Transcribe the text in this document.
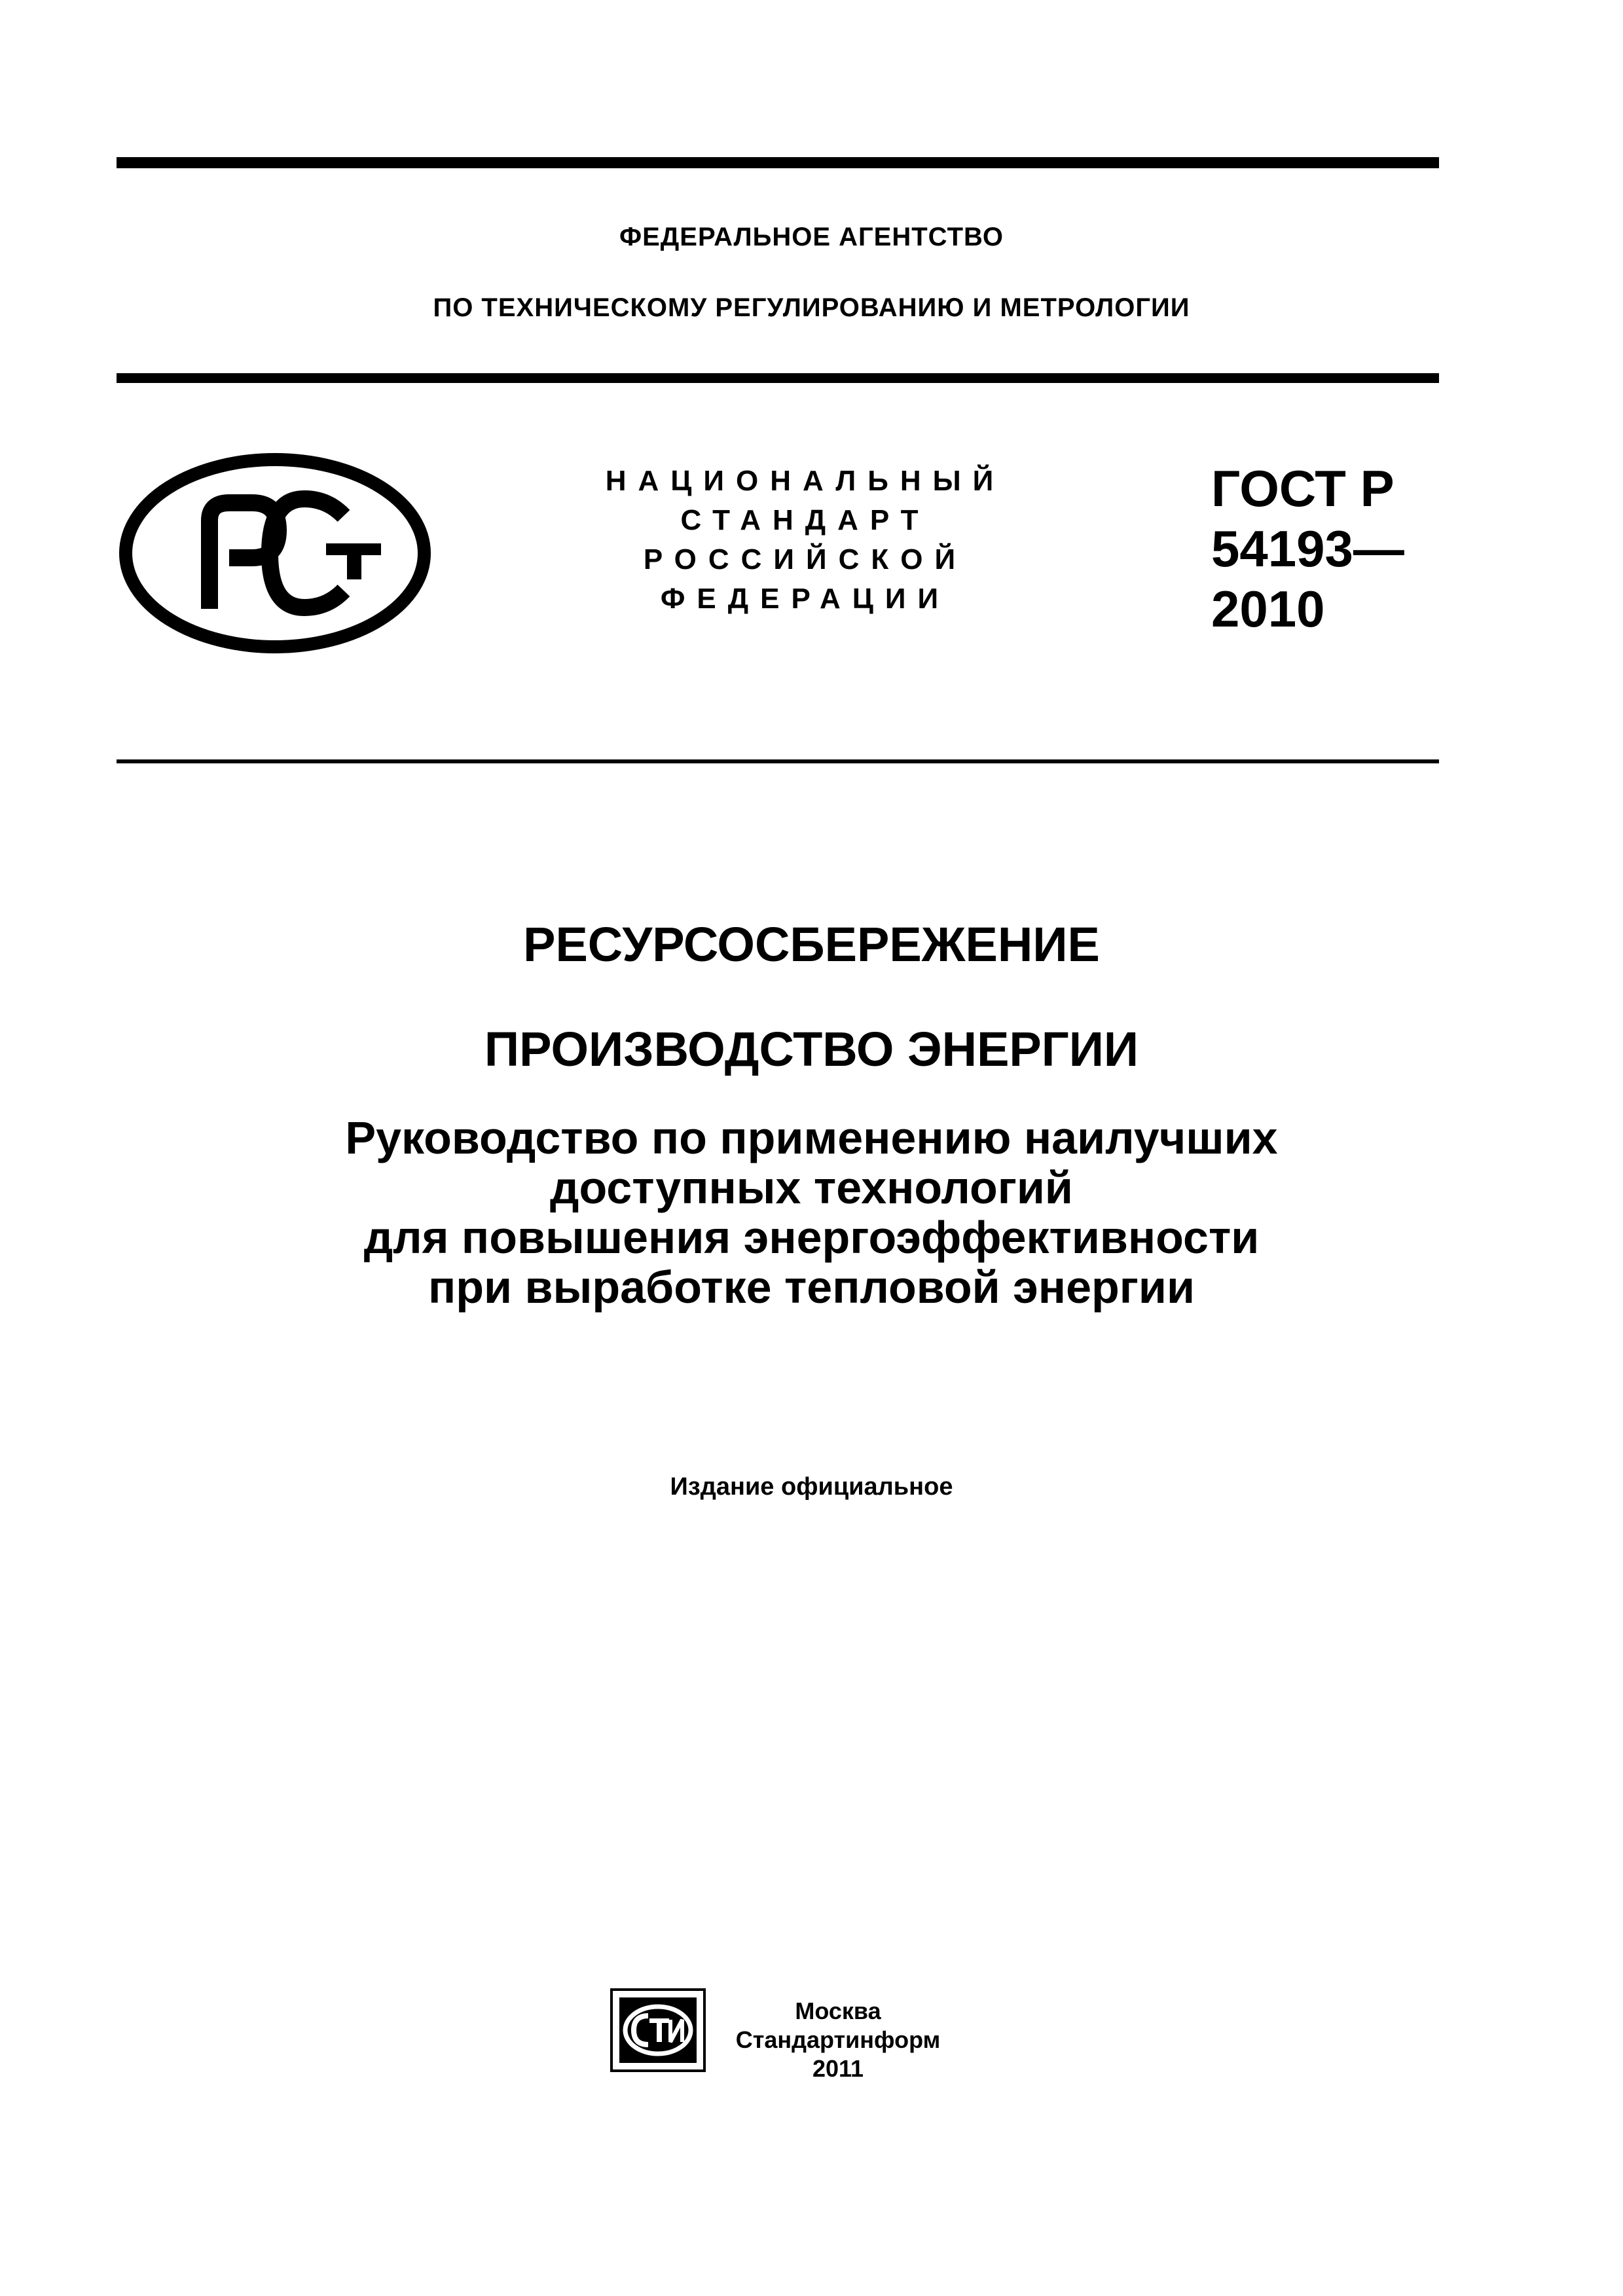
ФЕДЕРАЛЬНОЕ АГЕНТСТВО
ПО ТЕХНИЧЕСКОМУ РЕГУЛИРОВАНИЮ И МЕТРОЛОГИИ
НАЦИОНАЛЬНЫЙ
СТАНДАРТ
РОССИЙСКОЙ
ФЕДЕРАЦИИ
ГОСТ Р
54193—
2010
РЕСУРСОСБЕРЕЖЕНИЕ
ПРОИЗВОДСТВО ЭНЕРГИИ
Руководство по применению наилучших
доступных технологий
для повышения энергоэффективности
при выработке тепловой энергии
Издание официальное
Москва
Стандартинформ
2011
